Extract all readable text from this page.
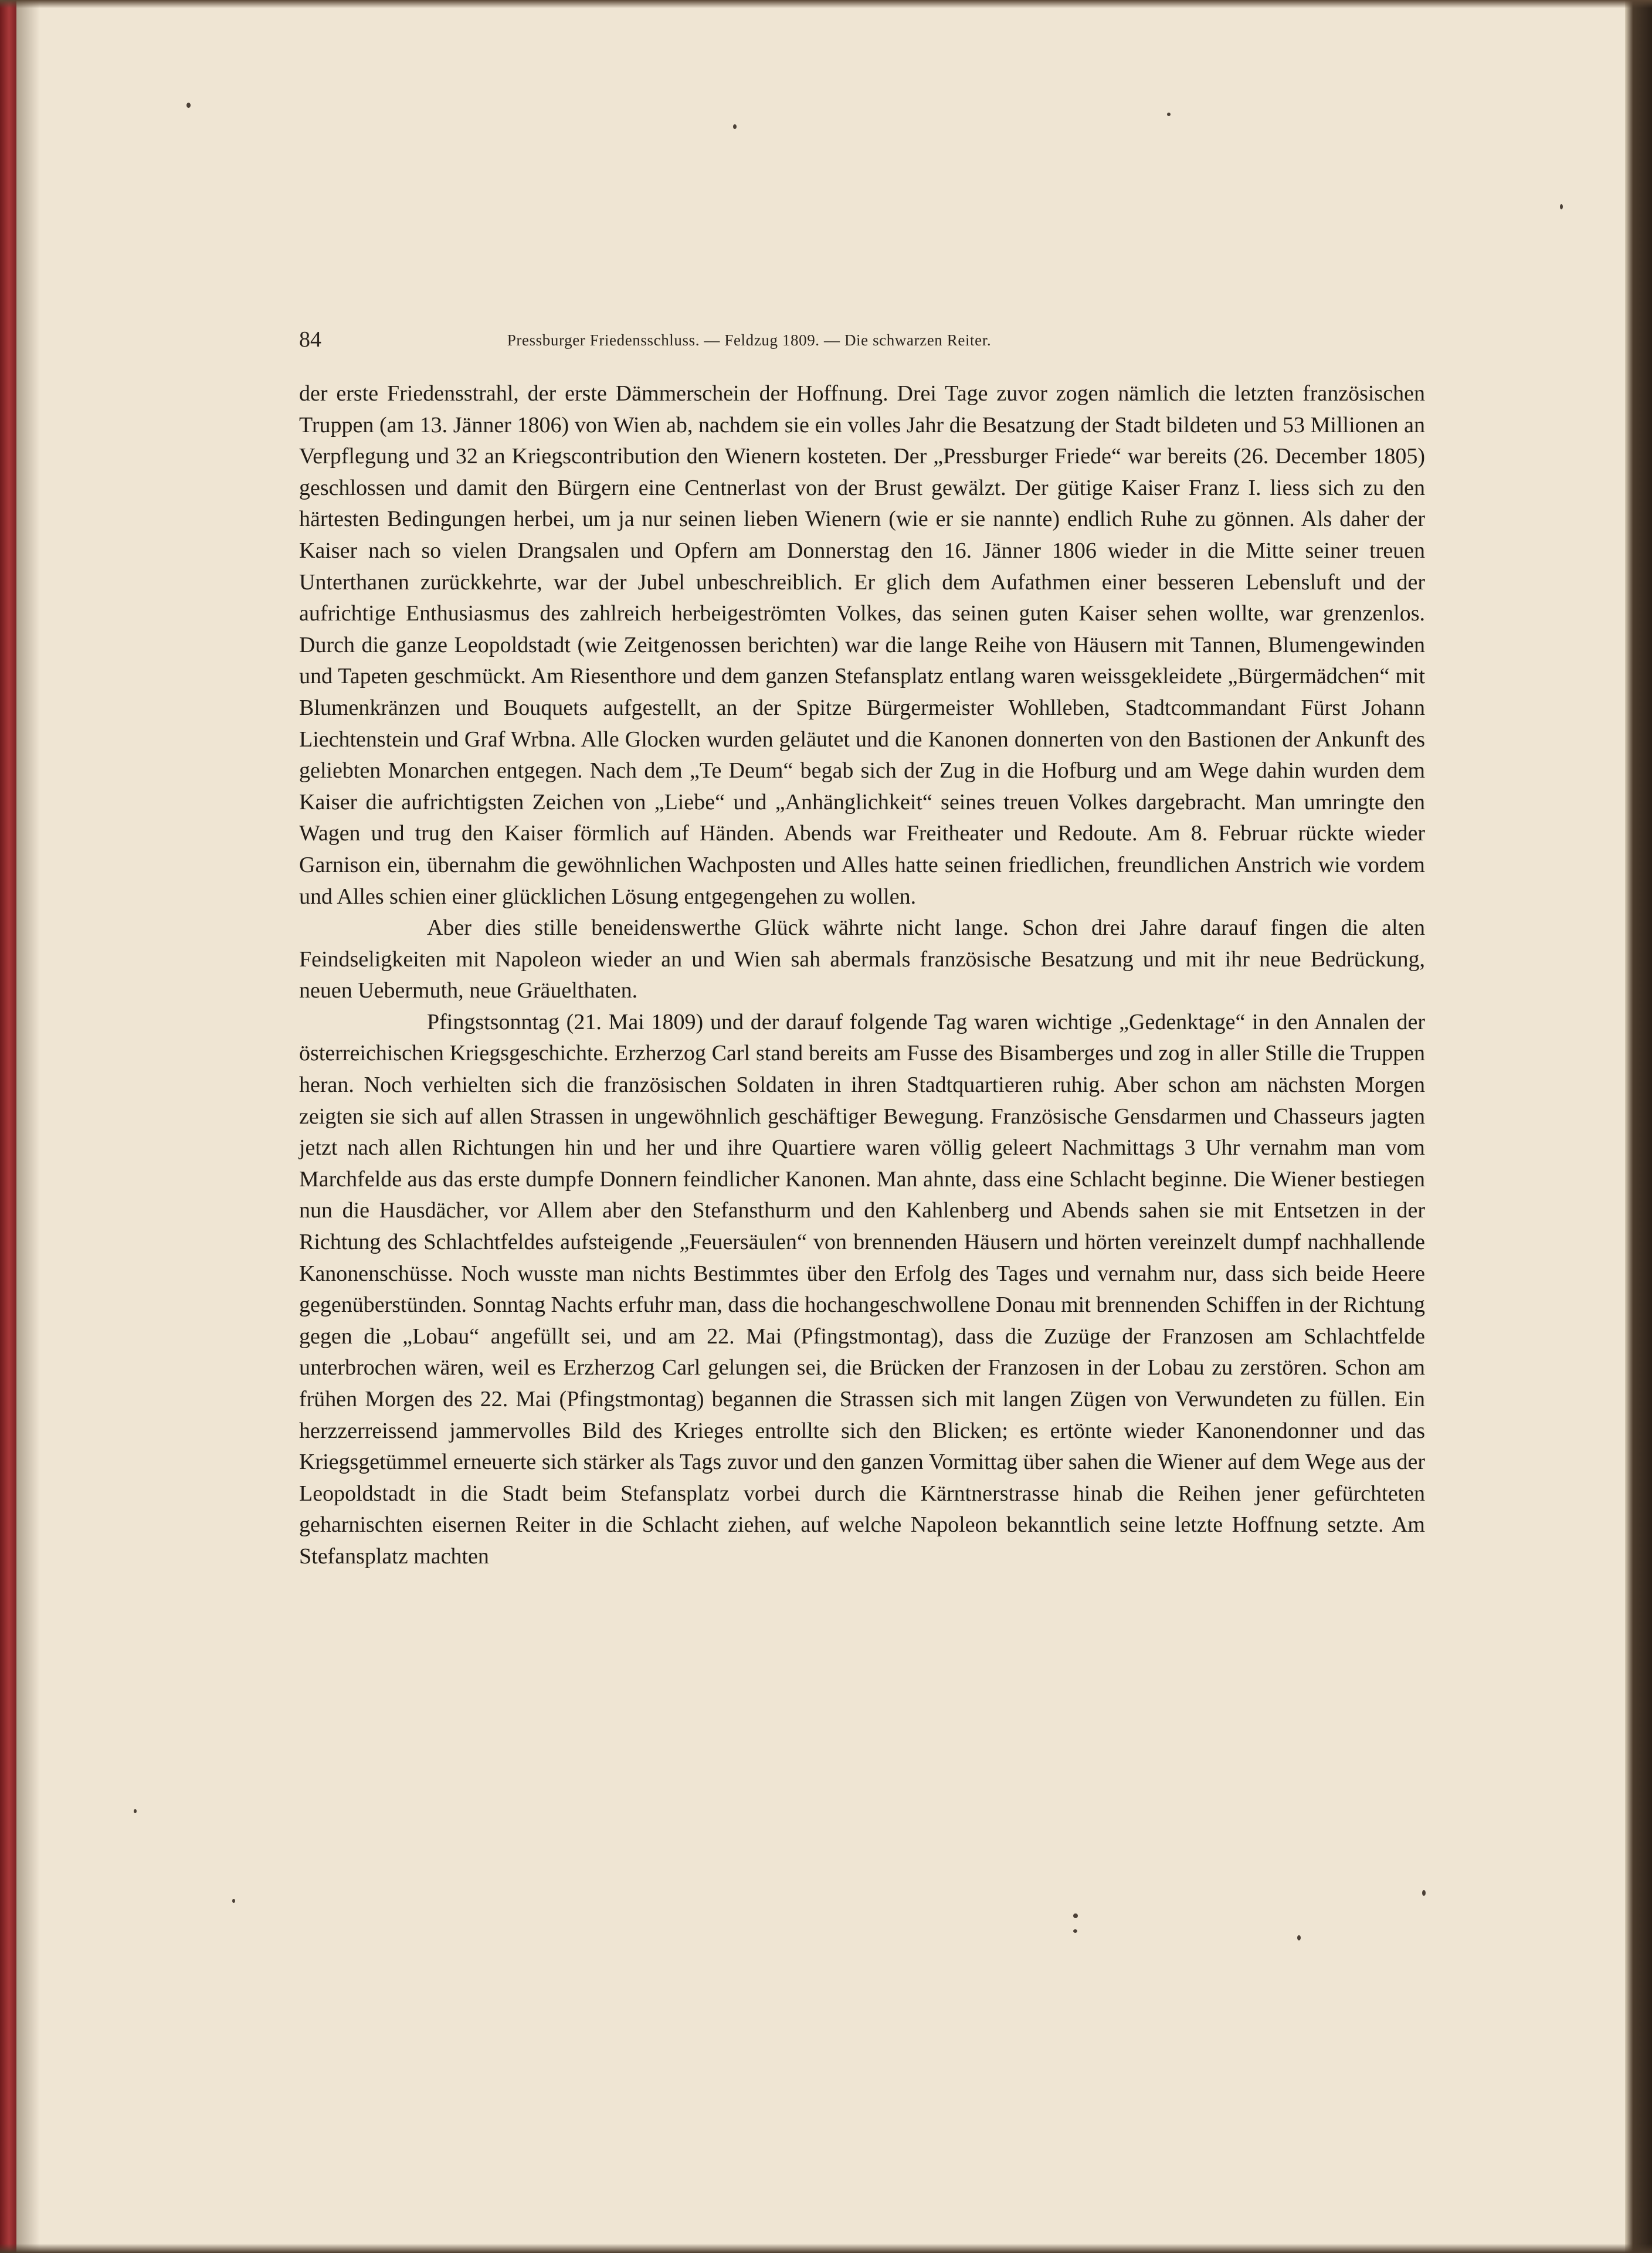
84	Pressburger Friedensschluss. — Feldzug 1809. — Die schwarzen Reiter.

der erste Friedensstrahl, der erste Dämmerschein der Hoffnung. Drei Tage zuvor zogen nämlich die letzten französischen Truppen (am 13. Jänner 1806) von Wien ab, nachdem sie ein volles Jahr die Besatzung der Stadt bildeten und 53 Millionen an Verpflegung und 32 an Kriegscontribution den Wienern kosteten. Der „Pressburger Friede“ war bereits (26. December 1805) geschlossen und damit den Bürgern eine Centnerlast von der Brust gewälzt. Der gütige Kaiser Franz I. liess sich zu den härtesten Bedingungen herbei, um ja nur seinen lieben Wienern (wie er sie nannte) endlich Ruhe zu gönnen. Als daher der Kaiser nach so vielen Drangsalen und Opfern am Donnerstag den 16. Jänner 1806 wieder in die Mitte seiner treuen Unterthanen zurückkehrte, war der Jubel unbeschreiblich. Er glich dem Aufathmen einer besseren Lebensluft und der aufrichtige Enthusiasmus des zahlreich herbeigeströmten Volkes, das seinen guten Kaiser sehen wollte, war grenzenlos. Durch die ganze Leopoldstadt (wie Zeitgenossen berichten) war die lange Reihe von Häusern mit Tannen, Blumengewinden und Tapeten geschmückt. Am Riesenthore und dem ganzen Stefansplatz entlang waren weissgekleidete „Bürgermädchen“ mit Blumenkränzen und Bouquets aufgestellt, an der Spitze Bürgermeister Wohlleben, Stadtcommandant Fürst Johann Liechtenstein und Graf Wrbna. Alle Glocken wurden geläutet und die Kanonen donnerten von den Bastionen der Ankunft des geliebten Monarchen entgegen. Nach dem „Te Deum“ begab sich der Zug in die Hofburg und am Wege dahin wurden dem Kaiser die aufrichtigsten Zeichen von „Liebe“ und „Anhänglichkeit“ seines treuen Volkes dargebracht. Man umringte den Wagen und trug den Kaiser förmlich auf Händen. Abends war Freitheater und Redoute. Am 8. Februar rückte wieder Garnison ein, übernahm die gewöhnlichen Wachposten und Alles hatte seinen friedlichen, freundlichen Anstrich wie vordem und Alles schien einer glücklichen Lösung entgegengehen zu wollen.

Aber dies stille beneidenswerthe Glück währte nicht lange. Schon drei Jahre darauf fingen die alten Feindseligkeiten mit Napoleon wieder an und Wien sah abermals französische Besatzung und mit ihr neue Bedrückung, neuen Uebermuth, neue Gräuelthaten.

Pfingstsonntag (21. Mai 1809) und der darauf folgende Tag waren wichtige „Gedenktage“ in den Annalen der österreichischen Kriegsgeschichte. Erzherzog Carl stand bereits am Fusse des Bisamberges und zog in aller Stille die Truppen heran. Noch verhielten sich die französischen Soldaten in ihren Stadtquartieren ruhig. Aber schon am nächsten Morgen zeigten sie sich auf allen Strassen in ungewöhnlich geschäftiger Bewegung. Französische Gensdarmen und Chasseurs jagten jetzt nach allen Richtungen hin und her und ihre Quartiere waren völlig geleert Nachmittags 3 Uhr vernahm man vom Marchfelde aus das erste dumpfe Donnern feindlicher Kanonen. Man ahnte, dass eine Schlacht beginne. Die Wiener bestiegen nun die Hausdächer, vor Allem aber den Stefansthurm und den Kahlenberg und Abends sahen sie mit Entsetzen in der Richtung des Schlachtfeldes aufsteigende „Feuersäulen“ von brennenden Häusern und hörten vereinzelt dumpf nachhallende Kanonenschüsse. Noch wusste man nichts Bestimmtes über den Erfolg des Tages und vernahm nur, dass sich beide Heere gegenüberstünden. Sonntag Nachts erfuhr man, dass die hochangeschwollene Donau mit brennenden Schiffen in der Richtung gegen die „Lobau“ angefüllt sei, und am 22. Mai (Pfingstmontag), dass die Zuzüge der Franzosen am Schlachtfelde unterbrochen wären, weil es Erzherzog Carl gelungen sei, die Brücken der Franzosen in der Lobau zu zerstören. Schon am frühen Morgen des 22. Mai (Pfingstmontag) begannen die Strassen sich mit langen Zügen von Verwundeten zu füllen. Ein herzzerreissend jammervolles Bild des Krieges entrollte sich den Blicken; es ertönte wieder Kanonendonner und das Kriegsgetümmel erneuerte sich stärker als Tags zuvor und den ganzen Vormittag über sahen die Wiener auf dem Wege aus der Leopoldstadt in die Stadt beim Stefansplatz vorbei durch die Kärntnerstrasse hinab die Reihen jener gefürchteten geharnischten eisernen Reiter in die Schlacht ziehen, auf welche Napoleon bekanntlich seine letzte Hoffnung setzte. Am Stefansplatz machten
